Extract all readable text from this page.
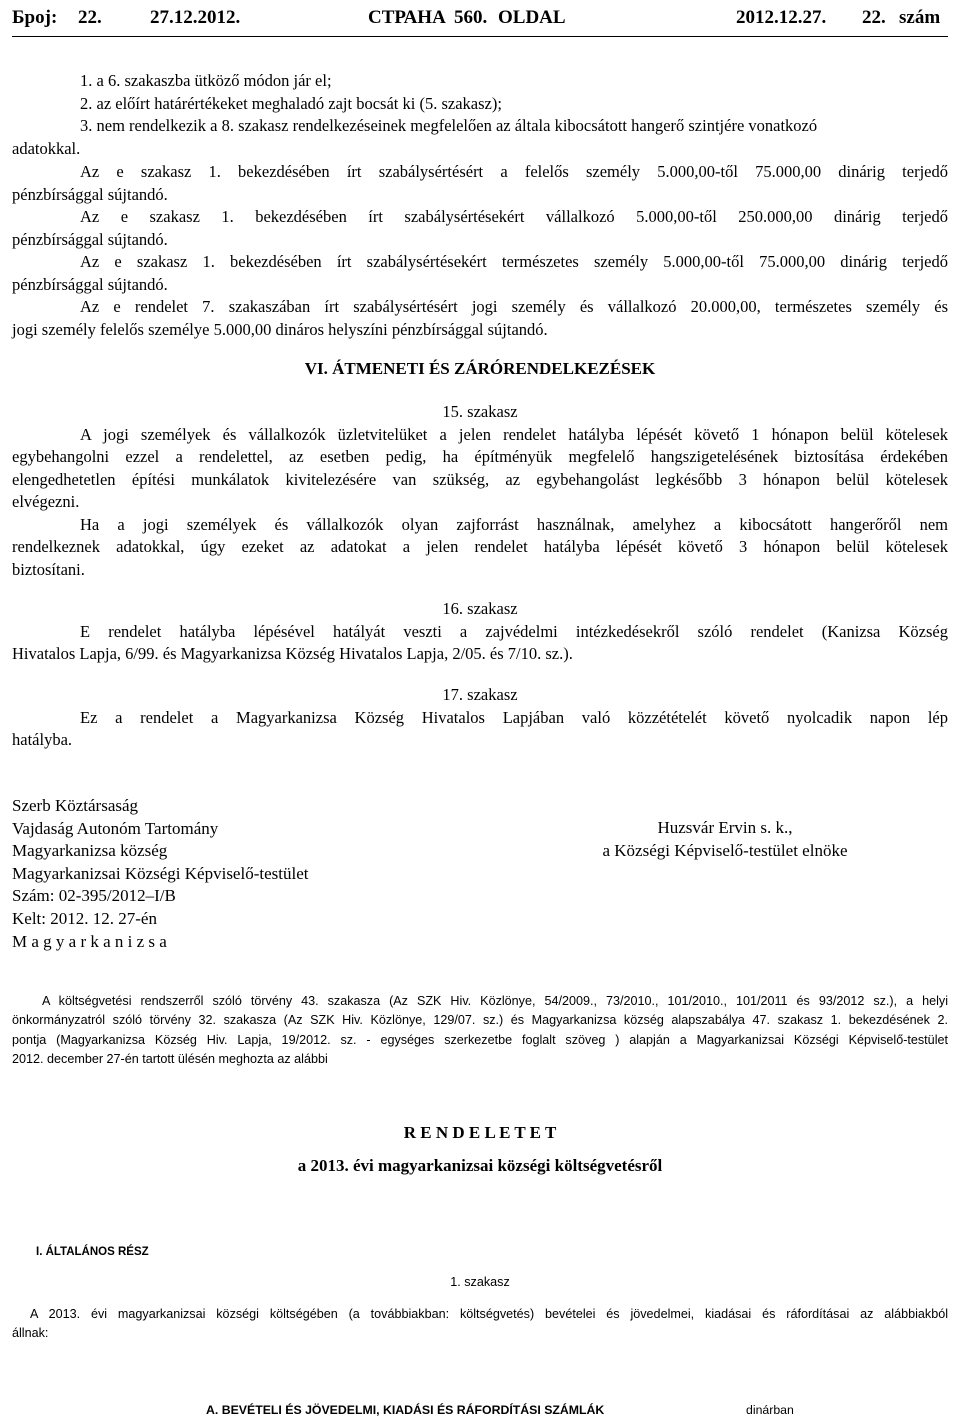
Број: 22.	27.12.2012.	СТРАНА 560. OLDAL	2012.12.27. 22. szám
1. a 6. szakaszba ütköző módon jár el;
2. az előírt határértékeket meghaladó zajt bocsát ki (5. szakasz);
3. nem rendelkezik a 8. szakasz rendelkezéseinek megfelelően az általa kibocsátott hangerő szintjére vonatkozó
adatokkal.
Az e szakasz 1. bekezdésében írt szabálysértésért a felelős személy 5.000,00-től 75.000,00 dinárig terjedő
pénzbírsággal sújtandó.
Az e szakasz 1. bekezdésében írt szabálysértésekért vállalkozó 5.000,00-től 250.000,00 dinárig terjedő
pénzbírsággal sújtandó.
Az e szakasz 1. bekezdésében írt szabálysértésekért természetes személy 5.000,00-től 75.000,00 dinárig terjedő
pénzbírsággal sújtandó.
Az e rendelet 7. szakaszában írt szabálysértésért jogi személy és vállalkozó 20.000,00, természetes személy és
jogi személy felelős személye 5.000,00 dináros helyszíni pénzbírsággal sújtandó.
VI. ÁTMENETI ÉS ZÁRÓRENDELKEZÉSEK
15. szakasz
A jogi személyek és vállalkozók üzletvitelüket a jelen rendelet hatályba lépését követő 1 hónapon belül kötelesek
egybehangolni ezzel a rendelettel, az esetben pedig, ha építményük megfelelő hangszigetelésének biztosítása érdekében
elengedhetetlen építési munkálatok kivitelezésére van szükség, az egybehangolást legkésőbb 3 hónapon belül kötelesek
elvégezni.
Ha a jogi személyek és vállalkozók olyan zajforrást használnak, amelyhez a kibocsátott hangerőről nem
rendelkeznek adatokkal, úgy ezeket az adatokat a jelen rendelet hatályba lépését követő 3 hónapon belül kötelesek
biztosítani.
16. szakasz
E rendelet hatályba lépésével hatályát veszti a zajvédelmi intézkedésekről szóló rendelet (Kanizsa Község
Hivatalos Lapja, 6/99. és Magyarkanizsa Község Hivatalos Lapja, 2/05. és 7/10. sz.).
17. szakasz
Ez a rendelet a Magyarkanizsa Község Hivatalos Lapjában való közzétételét követő nyolcadik napon lép
hatályba.
Szerb Köztársaság
Vajdaság Autonóm Tartomány
Magyarkanizsa község
Magyarkanizsai Községi Képviselő-testület
Szám: 02-395/2012–I/B
Kelt: 2012. 12. 27-én
M a g y a r k a n i z s a
Huzsvár Ervin s. k.,
a Községi Képviselő-testület elnöke
A költségvetési rendszerről szóló törvény 43. szakasza (Az SZK Hiv. Közlönye, 54/2009., 73/2010., 101/2010., 101/2011 és 93/2012 sz.), a helyi
önkormányzatról szóló törvény 32. szakasza (Az SZK Hiv. Közlönye, 129/07. sz.) és Magyarkanizsa község alapszabálya 47. szakasz 1. bekezdésének 2.
pontja (Magyarkanizsa Község Hiv. Lapja, 19/2012. sz. - egységes szerkezetbe foglalt szöveg ) alapján a Magyarkanizsai Községi Képviselő-testület
2012. december 27-én tartott ülésén meghozta az alábbi
R E N D E L E T E T
a 2013. évi magyarkanizsai községi költségvetésről
I. ÁLTALÁNOS RÉSZ
1. szakasz
A 2013. évi magyarkanizsai községi költségében (a továbbiakban: költségvetés) bevételei és jövedelmei, kiadásai és ráfordításai az alábbiakból
állnak:
A. BEVÉTELI ÉS JÖVEDELMI, KIADÁSI ÉS RÁFORDÍTÁSI SZÁMLÁK	dinárban
